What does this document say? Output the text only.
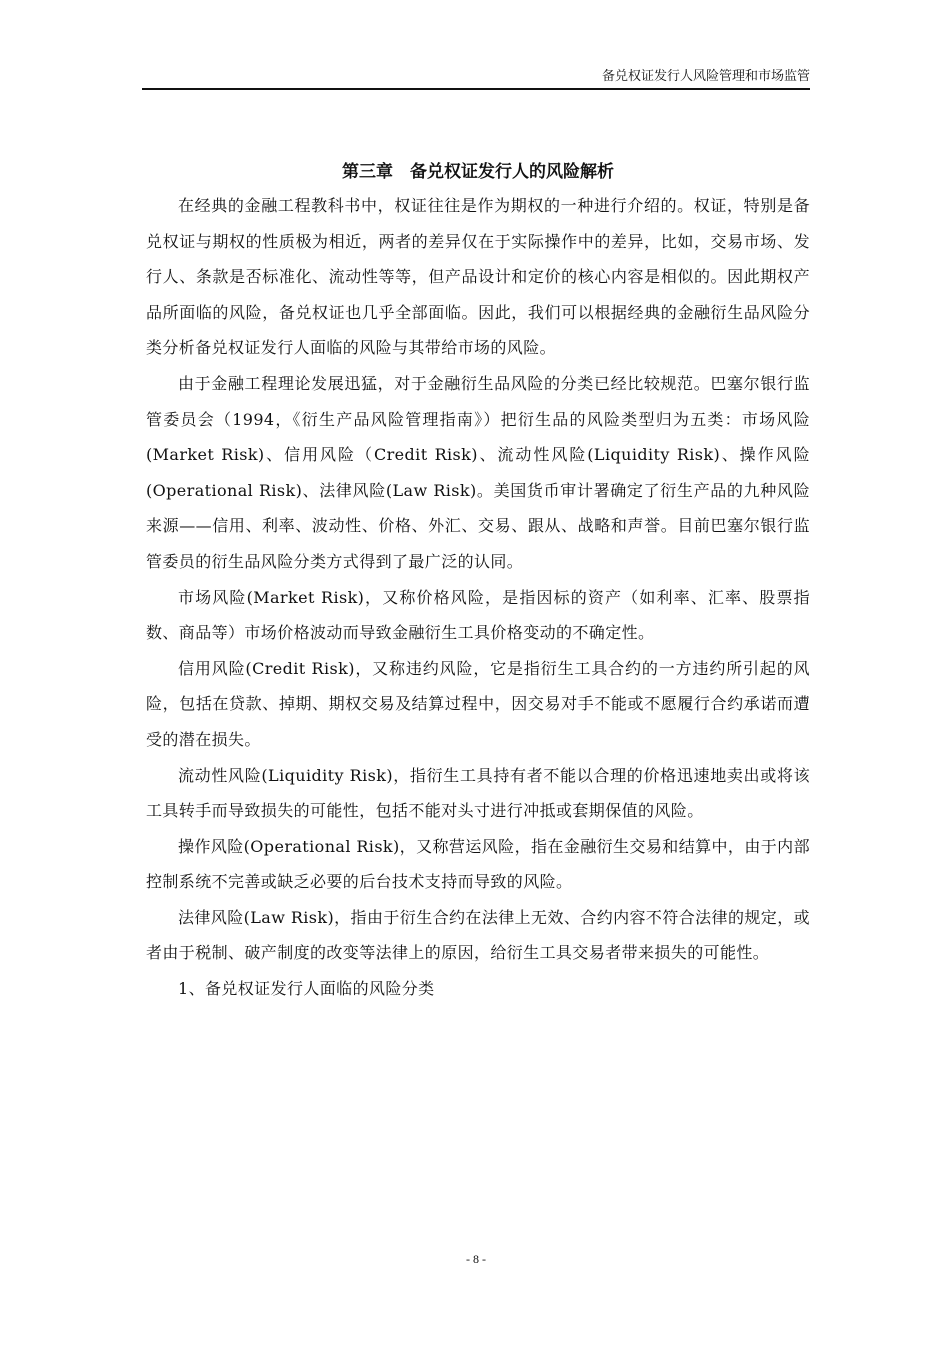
备兑权证发行人风险管理和市场监管
第三章　备兑权证发行人的风险解析

在经典的金融工程教科书中，权证往往是作为期权的一种进行介绍的。权证，特别是备兑权证与期权的性质极为相近，两者的差异仅在于实际操作中的差异，比如，交易市场、发行人、条款是否标准化、流动性等等，但产品设计和定价的核心内容是相似的。因此期权产品所面临的风险，备兑权证也几乎全部面临。因此，我们可以根据经典的金融衍生品风险分类分析备兑权证发行人面临的风险与其带给市场的风险。

由于金融工程理论发展迅猛，对于金融衍生品风险的分类已经比较规范。巴塞尔银行监管委员会（1994，《衍生产品风险管理指南》）把衍生品的风险类型归为五类：市场风险(Market Risk)、信用风险（Credit Risk)、流动性风险(Liquidity Risk)、操作风险(Operational Risk)、法律风险(Law Risk)。美国货币审计署确定了衍生产品的九种风险来源——信用、利率、波动性、价格、外汇、交易、跟从、战略和声誉。目前巴塞尔银行监管委员的衍生品风险分类方式得到了最广泛的认同。

市场风险(Market Risk)，又称价格风险，是指因标的资产（如利率、汇率、股票指数、商品等）市场价格波动而导致金融衍生工具价格变动的不确定性。

信用风险(Credit Risk)，又称违约风险，它是指衍生工具合约的一方违约所引起的风险，包括在贷款、掉期、期权交易及结算过程中，因交易对手不能或不愿履行合约承诺而遭受的潜在损失。

流动性风险(Liquidity Risk)，指衍生工具持有者不能以合理的价格迅速地卖出或将该工具转手而导致损失的可能性，包括不能对头寸进行冲抵或套期保值的风险。

操作风险(Operational Risk)，又称营运风险，指在金融衍生交易和结算中，由于内部控制系统不完善或缺乏必要的后台技术支持而导致的风险。

法律风险(Law Risk)，指由于衍生合约在法律上无效、合约内容不符合法律的规定，或者由于税制、破产制度的改变等法律上的原因，给衍生工具交易者带来损失的可能性。

1、备兑权证发行人面临的风险分类

- 8 -
